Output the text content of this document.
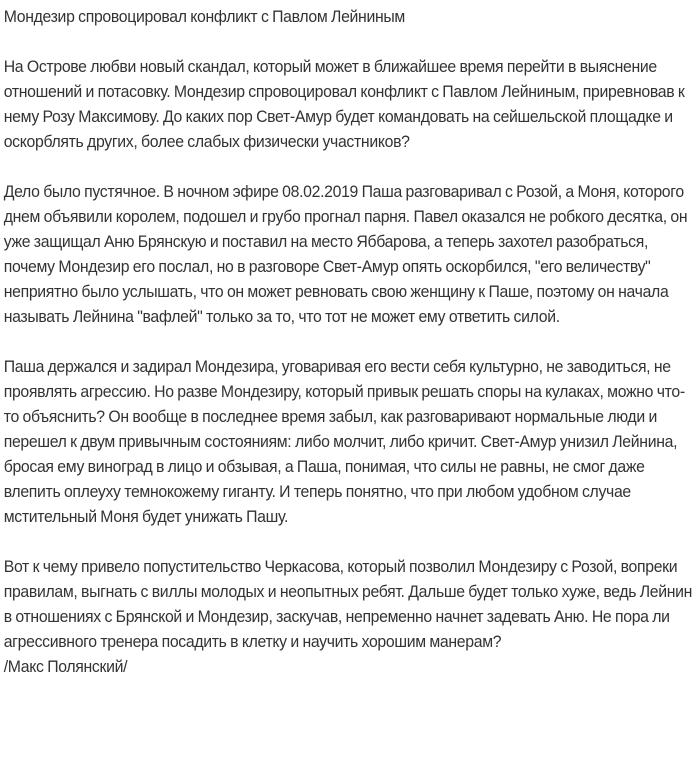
Мондезир спровоцировал конфликт с Павлом Лейниным

На Острове любви новый скандал, который может в ближайшее время перейти в выяснение отношений и потасовку. Мондезир спровоцировал конфликт с Павлом Лейниным, приревновав к нему Розу Максимову. До каких пор Свет-Амур будет командовать на сейшельской площадке и оскорблять других, более слабых физически участников?

Дело было пустячное. В ночном эфире 08.02.2019 Паша разговаривал с Розой, а Моня, которого днем объявили королем, подошел и грубо прогнал парня. Павел оказался не робкого десятка, он уже защищал Аню Брянскую и поставил на место Яббарова, а теперь захотел разобраться, почему Мондезир его послал, но в разговоре Свет-Амур опять оскорбился, "его величеству" неприятно было услышать, что он может ревновать свою женщину к Паше, поэтому он начала называть Лейнина "вафлей" только за то, что тот не может ему ответить силой.

Паша держался и задирал Мондезира, уговаривая его вести себя культурно, не заводиться, не проявлять агрессию. Но разве Мондезиру, который привык решать споры на кулаках, можно что-то объяснить? Он вообще в последнее время забыл, как разговаривают нормальные люди и перешел к двум привычным состояниям: либо молчит, либо кричит. Свет-Амур унизил Лейнина, бросая ему виноград в лицо и обзывая, а Паша, понимая, что силы не равны, не смог даже влепить оплеуху темнокожему гиганту. И теперь понятно, что при любом удобном случае мстительный Моня будет унижать Пашу.

Вот к чему привело попустительство Черкасова, который позволил Мондезиру с Розой, вопреки правилам, выгнать с виллы молодых и неопытных ребят. Дальше будет только хуже, ведь Лейнин в отношениях с Брянской и Мондезир, заскучав, непременно начнет задевать Аню. Не пора ли агрессивного тренера посадить в клетку и научить хорошим манерам?

/Макс Полянский/
